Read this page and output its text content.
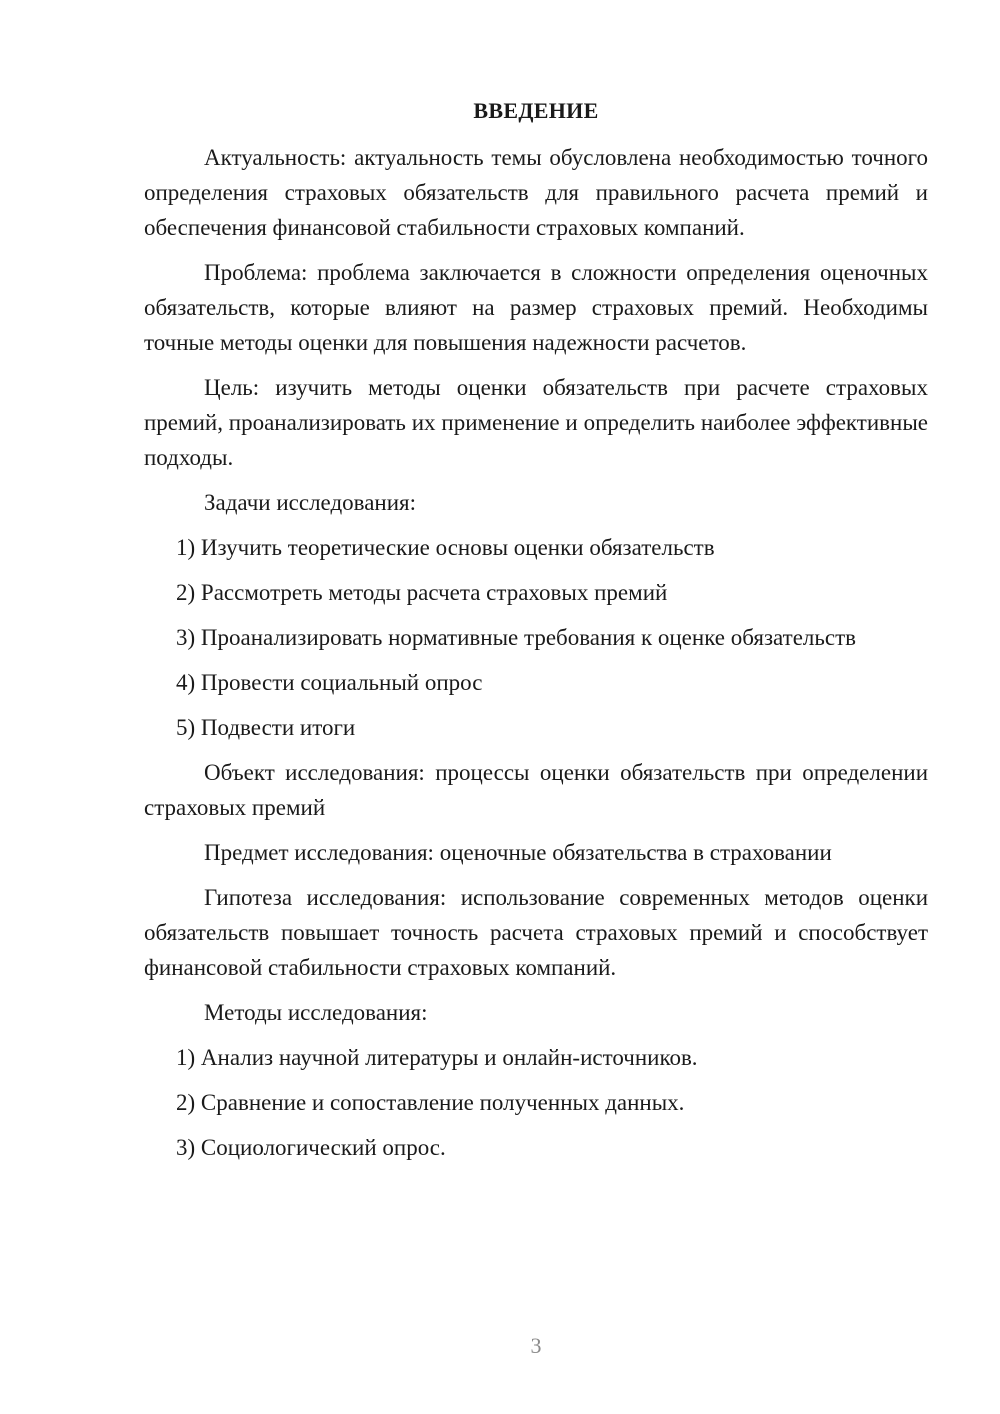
ВВЕДЕНИЕ

Актуальность: актуальность темы обусловлена необходимостью точного определения страховых обязательств для правильного расчета премий и обеспечения финансовой стабильности страховых компаний.

Проблема: проблема заключается в сложности определения оценочных обязательств, которые влияют на размер страховых премий. Необходимы точные методы оценки для повышения надежности расчетов.

Цель: изучить методы оценки обязательств при расчете страховых премий, проанализировать их применение и определить наиболее эффективные подходы.

Задачи исследования:

1) Изучить теоретические основы оценки обязательств

2) Рассмотреть методы расчета страховых премий

3) Проанализировать нормативные требования к оценке обязательств

4) Провести социальный опрос

5) Подвести итоги

Объект исследования: процессы оценки обязательств при определении страховых премий

Предмет исследования: оценочные обязательства в страховании

Гипотеза исследования: использование современных методов оценки обязательств повышает точность расчета страховых премий и способствует финансовой стабильности страховых компаний.

Методы исследования:

1) Анализ научной литературы и онлайн-источников.

2) Сравнение и сопоставление полученных данных.

3) Социологический опрос.

3
